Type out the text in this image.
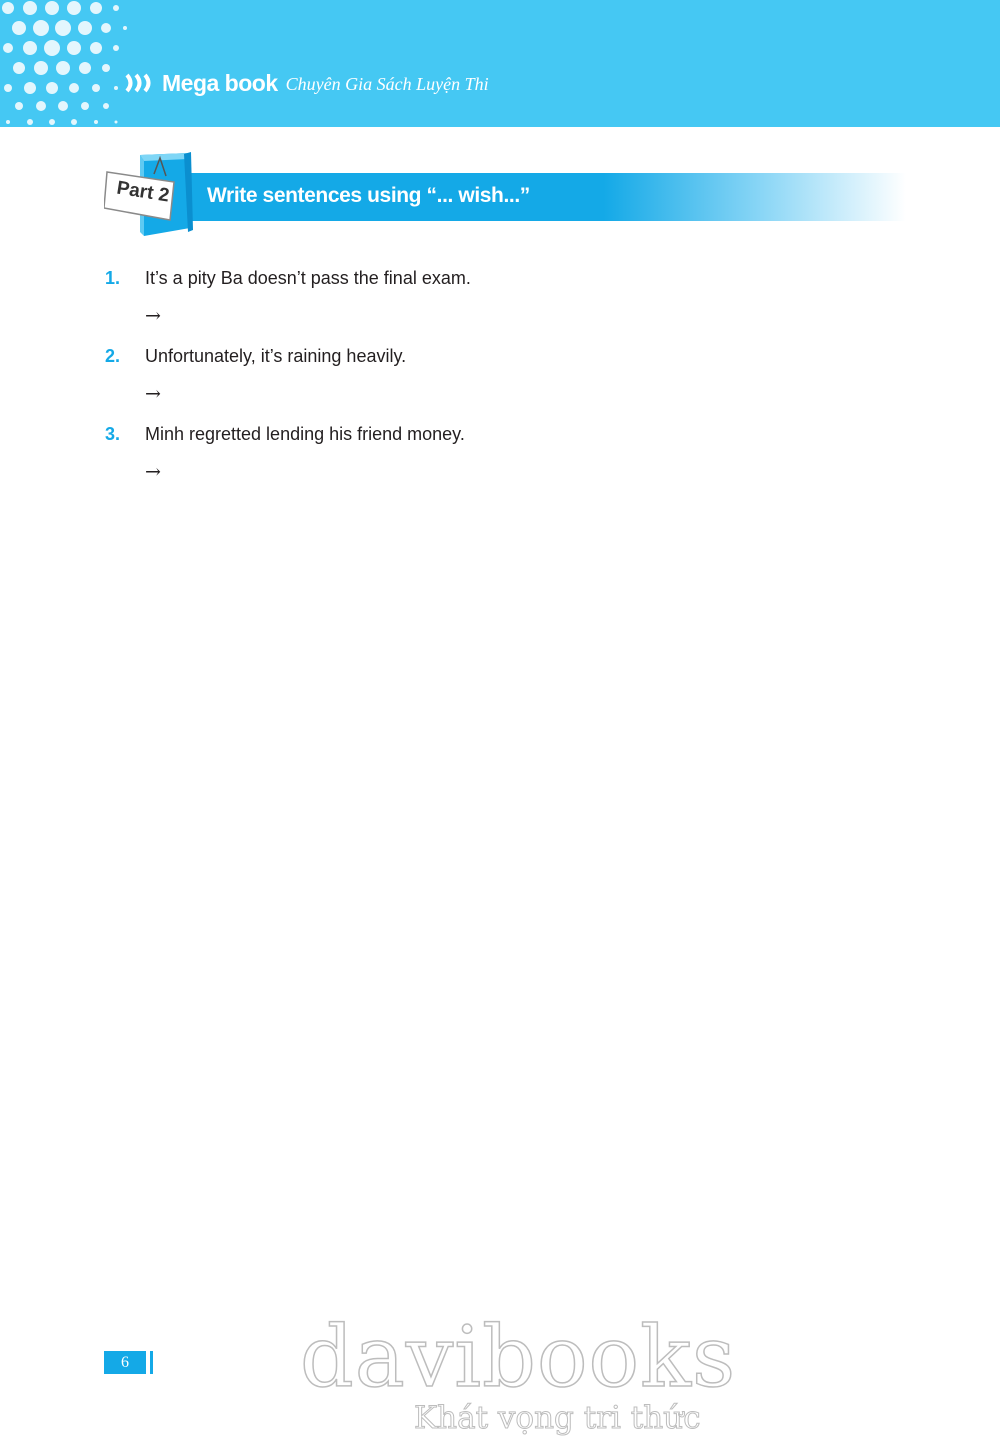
Mega book Chuyên Gia Sách Luyện Thi
Write sentences using “... wish...”
Part 2
1. It’s a pity Ba doesn’t pass the final exam.
→
2. Unfortunately, it’s raining heavily.
→
3. Minh regretted lending his friend money.
→
6 davibooks
Khát vọng tri thức
